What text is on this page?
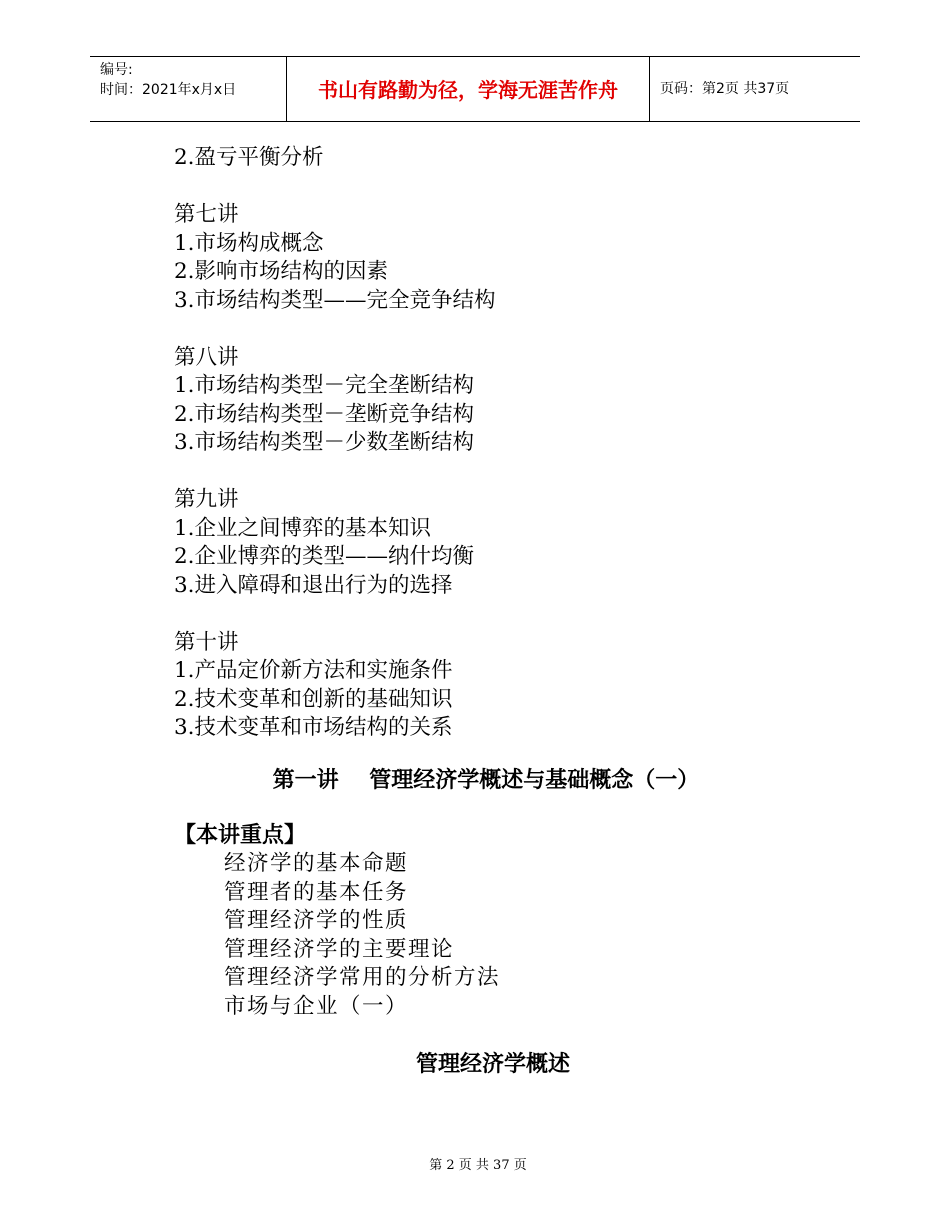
编号:
时间：2021年x月x日	书山有路勤为径，学海无涯苦作舟	页码：第2页 共37页
2.盈亏平衡分析
第七讲
1.市场构成概念
2.影响市场结构的因素
3.市场结构类型——完全竞争结构
第八讲
1.市场结构类型－完全垄断结构
2.市场结构类型－垄断竞争结构
3.市场结构类型－少数垄断结构
第九讲
1.企业之间博弈的基本知识
2.企业博弈的类型——纳什均衡
3.进入障碍和退出行为的选择
第十讲
1.产品定价新方法和实施条件
2.技术变革和创新的基础知识
3.技术变革和市场结构的关系
第一讲    管理经济学概述与基础概念（一）
【本讲重点】
经济学的基本命题
管理者的基本任务
管理经济学的性质
管理经济学的主要理论
管理经济学常用的分析方法
市场与企业（一）
管理经济学概述
第 2 页 共 37 页
